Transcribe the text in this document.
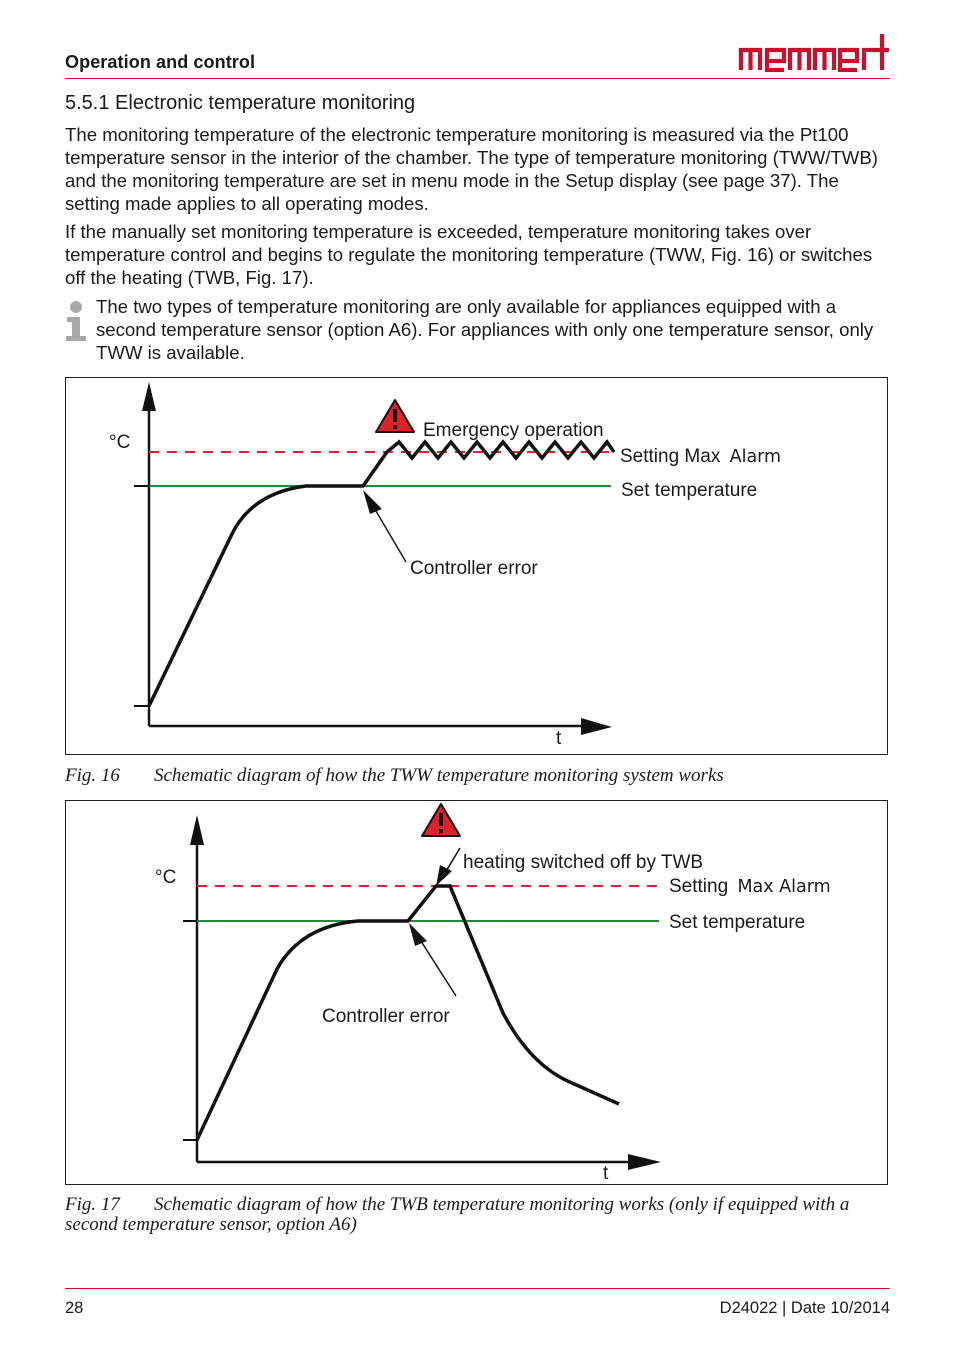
Operation and control
5.5.1 Electronic temperature monitoring
The monitoring temperature of the electronic temperature monitoring is measured via the Pt100 temperature sensor in the interior of the chamber. The type of temperature monitoring (TWW/TWB) and the monitoring temperature are set in menu mode in the Setup display (see page 37). The setting made applies to all operating modes.
If the manually set monitoring temperature is exceeded, temperature monitoring takes over temperature control and begins to regulate the monitoring temperature (TWW, Fig. 16) or switches off the heating (TWB, Fig. 17).
The two types of temperature monitoring are only available for appliances equipped with a second temperature sensor (option A6). For appliances with only one temperature sensor, only TWW is available.
°C
t
Emergency operation
Setting Max Alarm
Set temperature
Controller error
Fig. 16 Schematic diagram of how the TWW temperature monitoring system works
°C
t
heating switched off by TWB
Setting Max Alarm
Set temperature
Controller error
Fig. 17 Schematic diagram of how the TWB temperature monitoring works (only if equipped with a second temperature sensor, option A6)
28	D24022 | Date 10/2014
